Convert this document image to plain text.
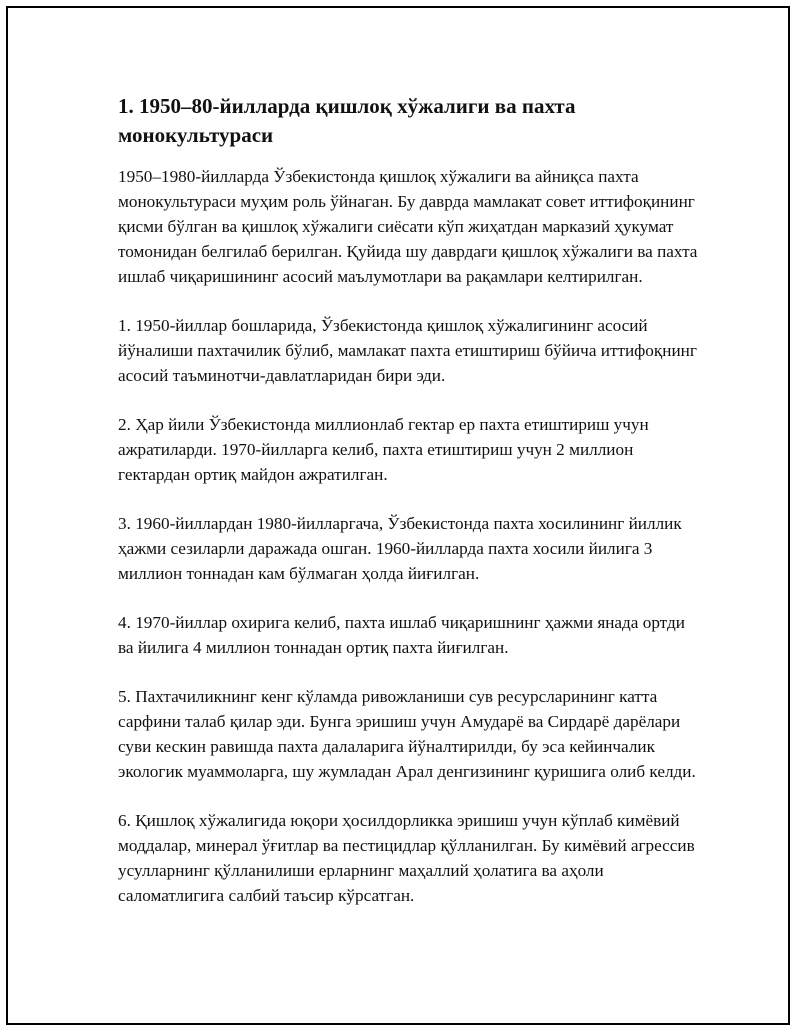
1. 1950–80-йилларда қишлоқ хўжалиги ва пахта монокультураси

1950–1980-йилларда Ўзбекистонда қишлоқ хўжалиги ва айниқса пахта монокультураси муҳим роль ўйнаган. Бу даврда мамлакат совет иттифоқининг қисми бўлган ва қишлоқ хўжалиги сиёсати кўп жиҳатдан марказий ҳукумат томонидан белгилаб берилган. Қуйида шу даврдаги қишлоқ хўжалиги ва пахта ишлаб чиқаришининг асосий маълумотлари ва рақамлари келтирилган.

1. 1950-йиллар бошларида, Ўзбекистонда қишлоқ хўжалигининг асосий йўналиши пахтачилик бўлиб, мамлакат пахта етиштириш бўйича иттифоқнинг асосий таъминотчи-давлатларидан бири эди.

2. Ҳар йили Ўзбекистонда миллионлаб гектар ер пахта етиштириш учун ажратиларди. 1970-йилларга келиб, пахта етиштириш учун 2 миллион гектардан ортиқ майдон ажратилган.

3. 1960-йиллардан 1980-йилларгача, Ўзбекистонда пахта хосилининг йиллик ҳажми сезиларли даражада ошган. 1960-йилларда пахта хосили йилига 3 миллион тоннадан кам бўлмаган ҳолда йиғилган.

4. 1970-йиллар охирига келиб, пахта ишлаб чиқаришнинг ҳажми янада ортди ва йилига 4 миллион тоннадан ортиқ пахта йиғилган.

5. Пахтачиликнинг кенг кўламда ривожланиши сув ресурсларининг катта сарфини талаб қилар эди. Бунга эришиш учун Амударё ва Сирдарё дарёлари суви кескин равишда пахта далаларига йўналтирилди, бу эса кейинчалик экологик муаммоларга, шу жумладан Арал денгизининг қуришига олиб келди.

6. Қишлоқ хўжалигида юқори ҳосилдорликка эришиш учун кўплаб кимёвий моддалар, минерал ўғитлар ва пестицидлар қўлланилган. Бу кимёвий агрессив усулларнинг қўлланилиши ерларнинг маҳаллий ҳолатига ва аҳоли саломатлигига салбий таъсир кўрсатган.
